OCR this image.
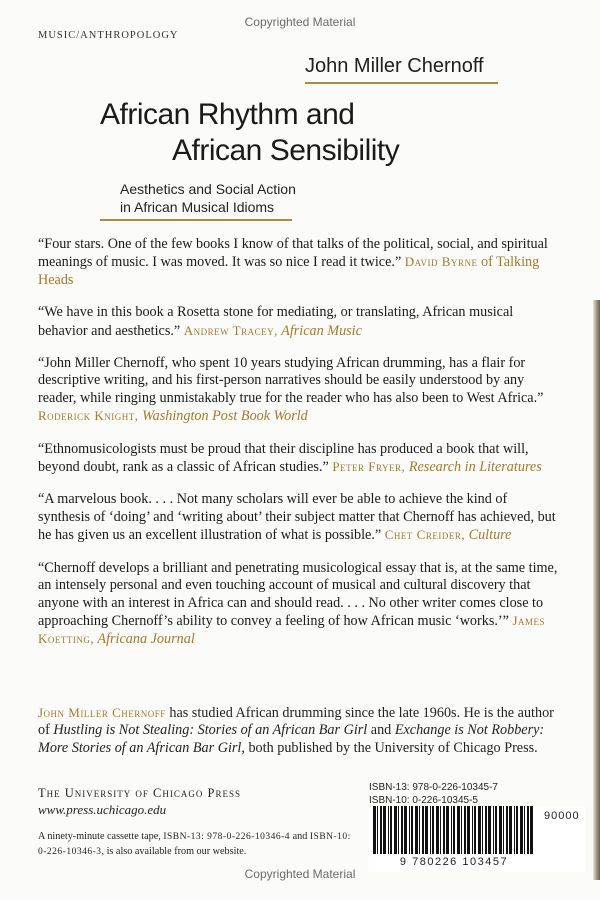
Copyrighted Material
MUSIC/ANTHROPOLOGY
John Miller Chernoff
African Rhythm and
African Sensibility
Aesthetics and Social Action
in African Musical Idioms
“Four stars. One of the few books I know of that talks of the political, social, and spiritual meanings of music. I was moved. It was so nice I read it twice.” David Byrne of Talking Heads
“We have in this book a Rosetta stone for mediating, or translating, African musical behavior and aesthetics.” Andrew Tracey, African Music
“John Miller Chernoff, who spent 10 years studying African drumming, has a flair for descriptive writing, and his first-person narratives should be easily understood by any reader, while ringing unmistakably true for the reader who has also been to West Africa.” Roderick Knight, Washington Post Book World
“Ethnomusicologists must be proud that their discipline has produced a book that will, beyond doubt, rank as a classic of African studies.” Peter Fryer, Research in Literatures
“A marvelous book. . . . Not many scholars will ever be able to achieve the kind of synthesis of ‘doing’ and ‘writing about’ their subject matter that Chernoff has achieved, but he has given us an excellent illustration of what is possible.” Chet Creider, Culture
“Chernoff develops a brilliant and penetrating musicological essay that is, at the same time, an intensely personal and even touching account of musical and cultural discovery that anyone with an interest in Africa can and should read. . . . No other writer comes close to approaching Chernoff’s ability to convey a feeling of how African music ‘works.’” James Koetting, Africana Journal
John Miller Chernoff has studied African drumming since the late 1960s. He is the author of Hustling is Not Stealing: Stories of an African Bar Girl and Exchange is Not Robbery: More Stories of an African Bar Girl, both published by the University of Chicago Press.
The University of Chicago Press
www.press.uchicago.edu
A ninety-minute cassette tape, ISBN-13: 978-0-226-10346-4 and ISBN-10: 0-226-10346-3, is also available from our website.
ISBN-13: 978-0-226-10345-7
ISBN-10: 0-226-10345-5
90000
9 780226 103457
Copyrighted Material
